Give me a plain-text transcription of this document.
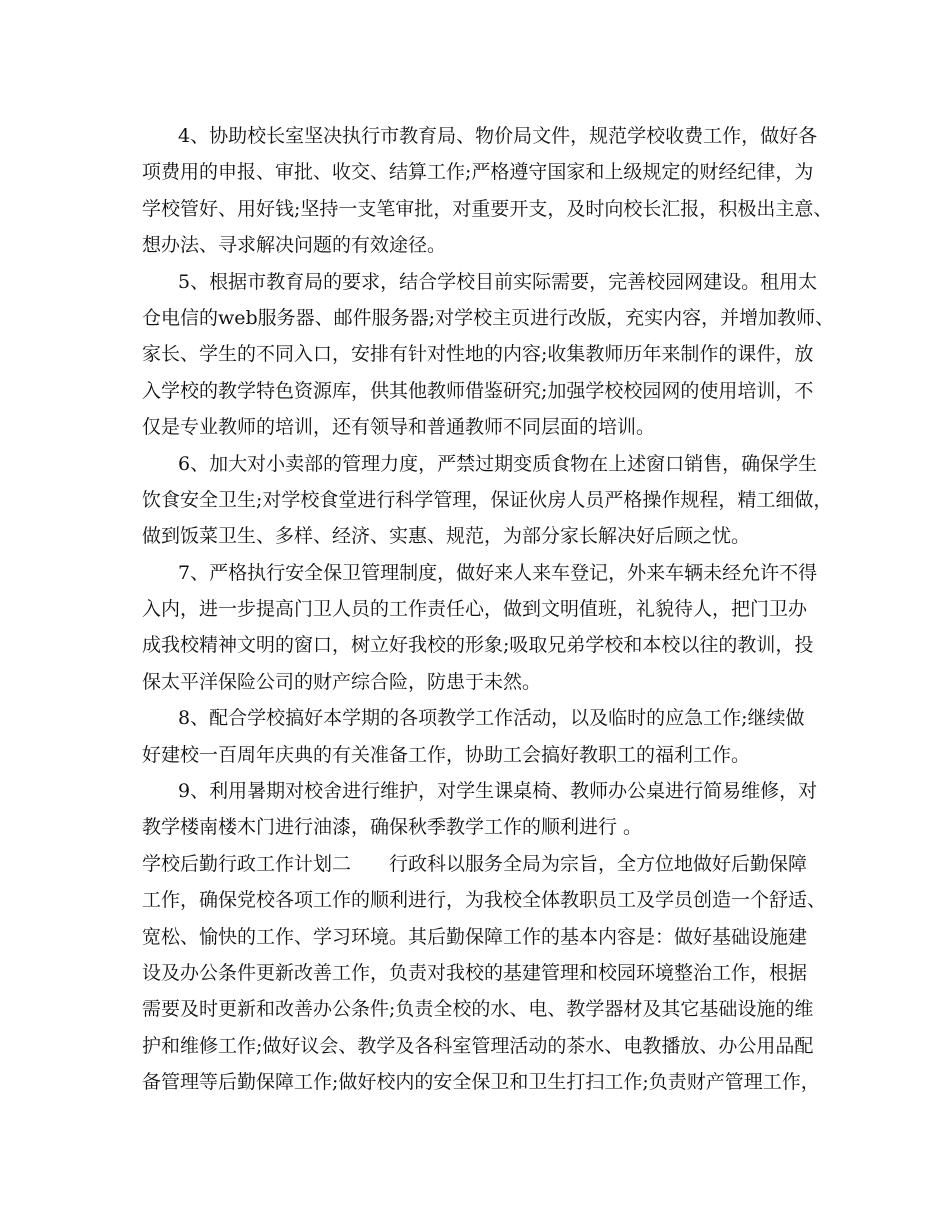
4、协助校长室坚决执行市教育局、物价局文件，规范学校收费工作，做好各
项费用的申报、审批、收交、结算工作;严格遵守国家和上级规定的财经纪律，为
学校管好、用好钱;坚持一支笔审批，对重要开支，及时向校长汇报，积极出主意、
想办法、寻求解决问题的有效途径。
5、根据市教育局的要求，结合学校目前实际需要，完善校园网建设。租用太
仓电信的web服务器、邮件服务器;对学校主页进行改版，充实内容，并增加教师、
家长、学生的不同入口，安排有针对性地的内容;收集教师历年来制作的课件，放
入学校的教学特色资源库，供其他教师借鉴研究;加强学校校园网的使用培训，不
仅是专业教师的培训，还有领导和普通教师不同层面的培训。
6、加大对小卖部的管理力度，严禁过期变质食物在上述窗口销售，确保学生
饮食安全卫生;对学校食堂进行科学管理，保证伙房人员严格操作规程，精工细做，
做到饭菜卫生、多样、经济、实惠、规范，为部分家长解决好后顾之忧。
7、严格执行安全保卫管理制度，做好来人来车登记，外来车辆未经允许不得
入内，进一步提高门卫人员的工作责任心，做到文明值班，礼貌待人，把门卫办
成我校精神文明的窗口，树立好我校的形象;吸取兄弟学校和本校以往的教训，投
保太平洋保险公司的财产综合险，防患于未然。
8、配合学校搞好本学期的各项教学工作活动，以及临时的应急工作;继续做
好建校一百周年庆典的有关准备工作，协助工会搞好教职工的福利工作。
9、利用暑期对校舍进行维护，对学生课桌椅、教师办公桌进行简易维修，对
教学楼南楼木门进行油漆，确保秋季教学工作的顺利进行 。
学校后勤行政工作计划二　　行政科以服务全局为宗旨，全方位地做好后勤保障
工作，确保党校各项工作的顺利进行，为我校全体教职员工及学员创造一个舒适、
宽松、愉快的工作、学习环境。其后勤保障工作的基本内容是：做好基础设施建
设及办公条件更新改善工作，负责对我校的基建管理和校园环境整治工作，根据
需要及时更新和改善办公条件;负责全校的水、电、教学器材及其它基础设施的维
护和维修工作;做好议会、教学及各科室管理活动的茶水、电教播放、办公用品配
备管理等后勤保障工作;做好校内的安全保卫和卫生打扫工作;负责财产管理工作，
